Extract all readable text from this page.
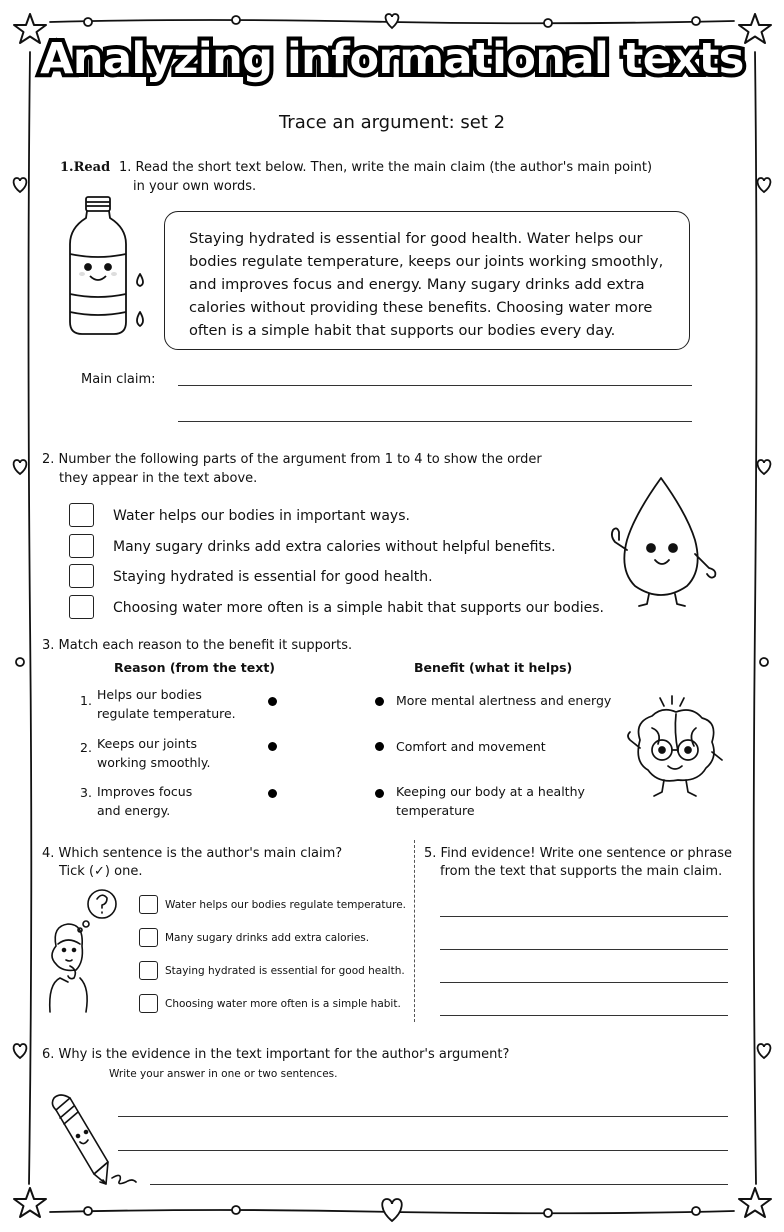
Analyzing informational texts
Trace an argument: set 2
1.Read 1. Read the short text below. Then, write the main claim (the author's main point)
in your own words.
Staying hydrated is essential for good health. Water helps our bodies regulate temperature, keeps our joints working smoothly, and improves focus and energy. Many sugary drinks add extra calories without providing these benefits. Choosing water more often is a simple habit that supports our bodies every day.
Main claim:
2. Number the following parts of the argument from 1 to 4 to show the order
they appear in the text above.
Water helps our bodies in important ways.
Many sugary drinks add extra calories without helpful benefits.
Staying hydrated is essential for good health.
Choosing water more often is a simple habit that supports our bodies.
3. Match each reason to the benefit it supports.
Reason (from the text)	Benefit (what it helps)
1. Helps our bodies
regulate temperature.
2. Keeps our joints
working smoothly.
3. Improves focus
and energy.
More mental alertness and energy
Comfort and movement
Keeping our body at a healthy
temperature
4. Which sentence is the author's main claim?
Tick (✓) one.
Water helps our bodies regulate temperature.
Many sugary drinks add extra calories.
Staying hydrated is essential for good health.
Choosing water more often is a simple habit.
5. Find evidence! Write one sentence or phrase
from the text that supports the main claim.
6. Why is the evidence in the text important for the author's argument?
Write your answer in one or two sentences.
